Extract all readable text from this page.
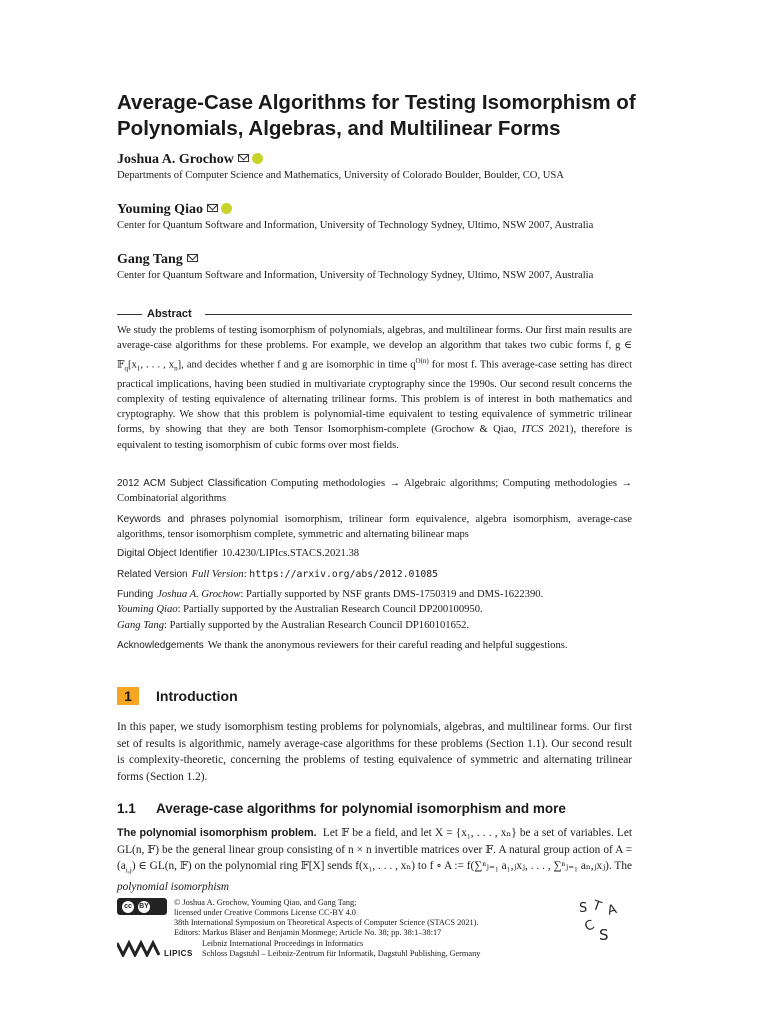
Average-Case Algorithms for Testing Isomorphism of Polynomials, Algebras, and Multilinear Forms
Joshua A. Grochow
Departments of Computer Science and Mathematics, University of Colorado Boulder, Boulder, CO, USA
Youming Qiao
Center for Quantum Software and Information, University of Technology Sydney, Ultimo, NSW 2007, Australia
Gang Tang
Center for Quantum Software and Information, University of Technology Sydney, Ultimo, NSW 2007, Australia
Abstract
We study the problems of testing isomorphism of polynomials, algebras, and multilinear forms. Our first main results are average-case algorithms for these problems. For example, we develop an algorithm that takes two cubic forms f, g ∈ $𝔽_q[x_1$, . . . , $x_n$], and decides whether f and g are isomorphic in time $q^{O(n)}$ for most f. This average-case setting has direct practical implications, having been studied in multivariate cryptography since the 1990s. Our second result concerns the complexity of testing equivalence of alternating trilinear forms. This problem is of interest in both mathematics and cryptography. We show that this problem is polynomial-time equivalent to testing equivalence of symmetric trilinear forms, by showing that they are both Tensor Isomorphism-complete (Grochow & Qiao, ITCS 2021), therefore is equivalent to testing isomorphism of cubic forms over most fields.
2012 ACM Subject Classification Computing methodologies → Algebraic algorithms; Computing methodologies → Combinatorial algorithms
Keywords and phrases polynomial isomorphism, trilinear form equivalence, algebra isomorphism, average-case algorithms, tensor isomorphism complete, symmetric and alternating bilinear maps
Digital Object Identifier 10.4230/LIPIcs.STACS.2021.38
Related Version Full Version: https://arxiv.org/abs/2012.01085
Funding Joshua A. Grochow: Partially supported by NSF grants DMS-1750319 and DMS-1622390.
Youming Qiao: Partially supported by the Australian Research Council DP200100950.
Gang Tang: Partially supported by the Australian Research Council DP160101652.
Acknowledgements We thank the anonymous reviewers for their careful reading and helpful suggestions.
1	Introduction
In this paper, we study isomorphism testing problems for polynomials, algebras, and multilinear forms. Our first set of results is algorithmic, namely average-case algorithms for these problems (Section 1.1). Our second result is complexity-theoretic, concerning the problems of testing equivalence of symmetric and alternating trilinear forms (Section 1.2).
1.1 Average-case algorithms for polynomial isomorphism and more
The polynomial isomorphism problem. Let 𝔽 be a field, and let X = {x₁, . . . , xₙ} be a set of variables. Let GL(n, 𝔽) be the general linear group consisting of n × n invertible matrices over 𝔽. A natural group action of $A = (a_{i,j})$ ∈ GL(n, 𝔽) on the polynomial ring 𝔽[X] sends f(x₁, . . . , xₙ) to f ∘ A := f(∑ⁿⱼ₌₁ a₁,ⱼxⱼ, . . . , ∑ⁿⱼ₌₁ aₙ,ⱼxⱼ). The polynomial isomorphism
cc	BY	© Joshua A. Grochow, Youming Qiao, and Gang Tang;
licensed under Creative Commons License CC-BY 4.0
38th International Symposium on Theoretical Aspects of Computer Science (STACS 2021).
Editors: Markus Bläser and Benjamin Monmege; Article No. 38; pp. 38:1–38:17
LIPICS
Leibniz International Proceedings in Informatics
Schloss Dagstuhl – Leibniz-Zentrum für Informatik, Dagstuhl Publishing, Germany
S T A
C S
